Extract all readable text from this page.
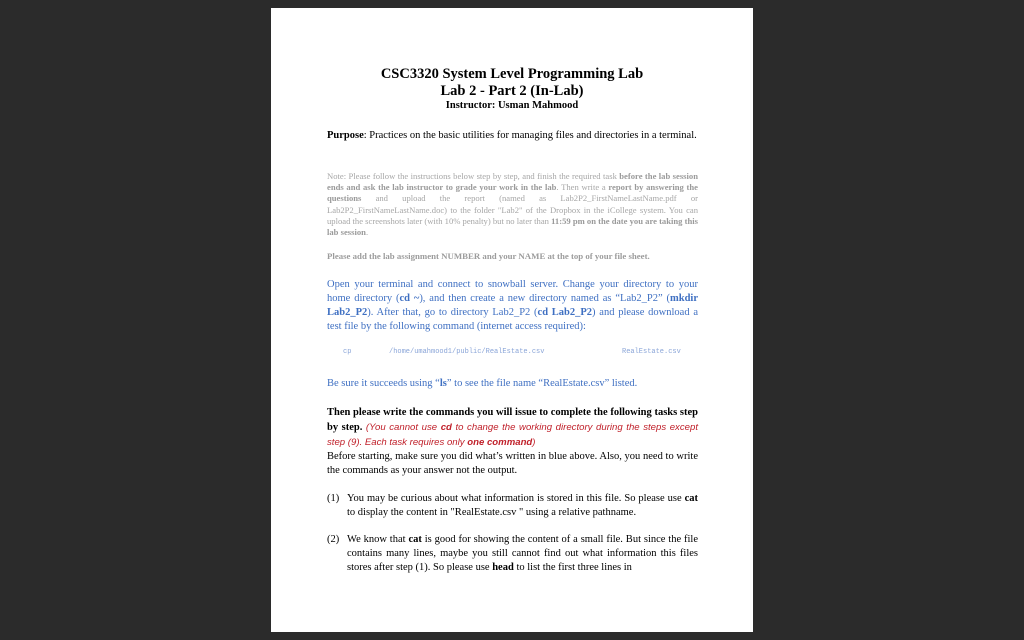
CSC3320 System Level Programming Lab
Lab 2 - Part 2 (In-Lab)
Instructor: Usman Mahmood
Purpose: Practices on the basic utilities for managing files and directories in a terminal.
Note: Please follow the instructions below step by step, and finish the required task before the lab session ends and ask the lab instructor to grade your work in the lab. Then write a report by answering the questions and upload the report (named as Lab2P2_FirstNameLastName.pdf or Lab2P2_FirstNameLastName.doc) to the folder "Lab2" of the Dropbox in the iCollege system. You can upload the screenshots later (with 10% penalty) but no later than 11:59 pm on the date you are taking this lab session.
Please add the lab assignment NUMBER and your NAME at the top of your file sheet.
Open your terminal and connect to snowball server. Change your directory to your home directory (cd ~), and then create a new directory named as “Lab2_P2” (mkdir Lab2_P2). After that, go to directory Lab2_P2 (cd Lab2_P2) and please download a test file by the following command (internet access required):
cp	/home/umahmood1/public/RealEstate.csv	RealEstate.csv
Be sure it succeeds using “ls” to see the file name “RealEstate.csv” listed.
Then please write the commands you will issue to complete the following tasks step by step. (You cannot use cd to change the working directory during the steps except step (9). Each task requires only one command)
Before starting, make sure you did what’s written in blue above. Also, you need to write the commands as your answer not the output.
(1) You may be curious about what information is stored in this file. So please use cat to display the content in "RealEstate.csv " using a relative pathname.
(2) We know that cat is good for showing the content of a small file. But since the file contains many lines, maybe you still cannot find out what information this files stores after step (1). So please use head to list the first three lines in
